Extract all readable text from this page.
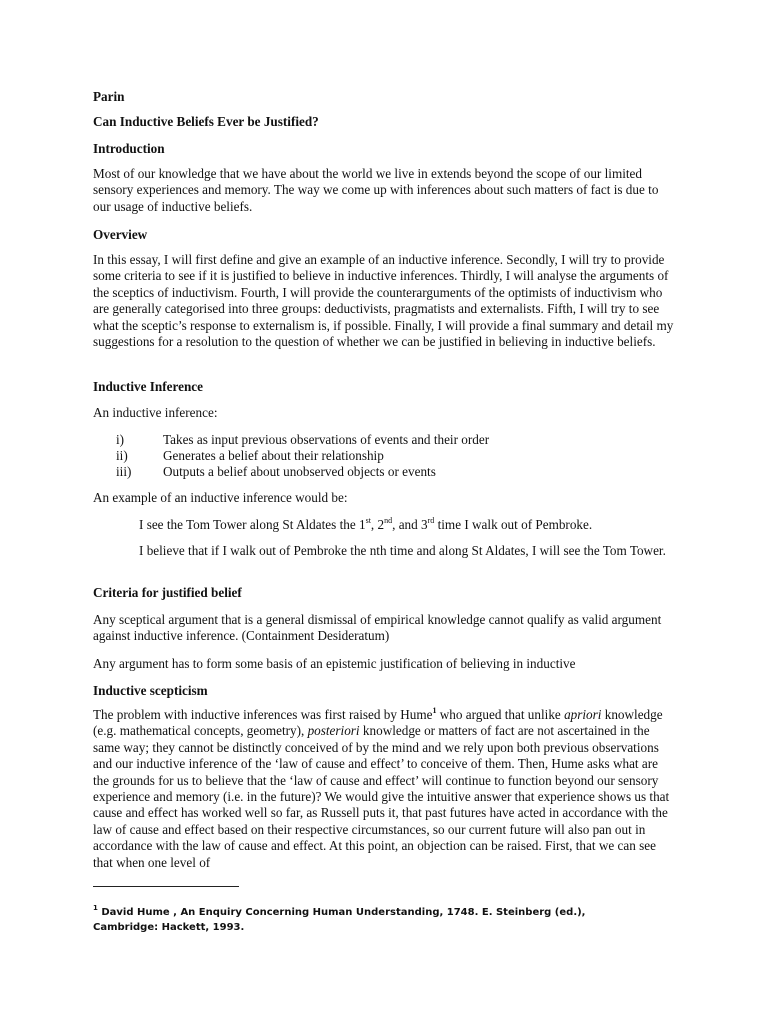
Parin

Can Inductive Beliefs Ever be Justified?

Introduction

Most of our knowledge that we have about the world we live in extends beyond the scope of our limited sensory experiences and memory. The way we come up with inferences about such matters of fact is due to our usage of inductive beliefs.

Overview

In this essay, I will first define and give an example of an inductive inference. Secondly, I will try to provide some criteria to see if it is justified to believe in inductive inferences. Thirdly, I will analyse the arguments of the sceptics of inductivism. Fourth, I will provide the counterarguments of the optimists of inductivism who are generally categorised into three groups: deductivists, pragmatists and externalists. Fifth, I will try to see what the sceptic’s response to externalism is, if possible. Finally, I will provide a final summary and detail my suggestions for a resolution to the question of whether we can be justified in believing in inductive beliefs.

Inductive Inference

An inductive inference:

i)	Takes as input previous observations of events and their order
ii)	Generates a belief about their relationship
iii) Outputs a belief about unobserved objects or events

An example of an inductive inference would be:

I see the Tom Tower along St Aldates the 1st, 2nd, and 3rd time I walk out of Pembroke.

I believe that if I walk out of Pembroke the nth time and along St Aldates, I will see the Tom Tower.

Criteria for justified belief

Any sceptical argument that is a general dismissal of empirical knowledge cannot qualify as valid argument against inductive inference. (Containment Desideratum)

Any argument has to form some basis of an epistemic justification of believing in inductive

Inductive scepticism

The problem with inductive inferences was first raised by Hume$^1$ who argued that unlike apriori knowledge (e.g. mathematical concepts, geometry), posteriori knowledge or matters of fact are not ascertained in the same way; they cannot be distinctly conceived of by the mind and we rely upon both previous observations and our inductive inference of the ‘law of cause and effect’ to conceive of them. Then, Hume asks what are the grounds for us to believe that the ‘law of cause and effect’ will continue to function beyond our sensory experience and memory (i.e. in the future)? We would give the intuitive answer that experience shows us that cause and effect has worked well so far, as Russell puts it, that past futures have acted in accordance with the law of cause and effect based on their respective circumstances, so our current future will also pan out in accordance with the law of cause and effect. At this point, an objection can be raised. First, that we can see that when one level of

$^1$ David Hume , An Enquiry Concerning Human Understanding, 1748. E. Steinberg (ed.), Cambridge: Hackett, 1993.
